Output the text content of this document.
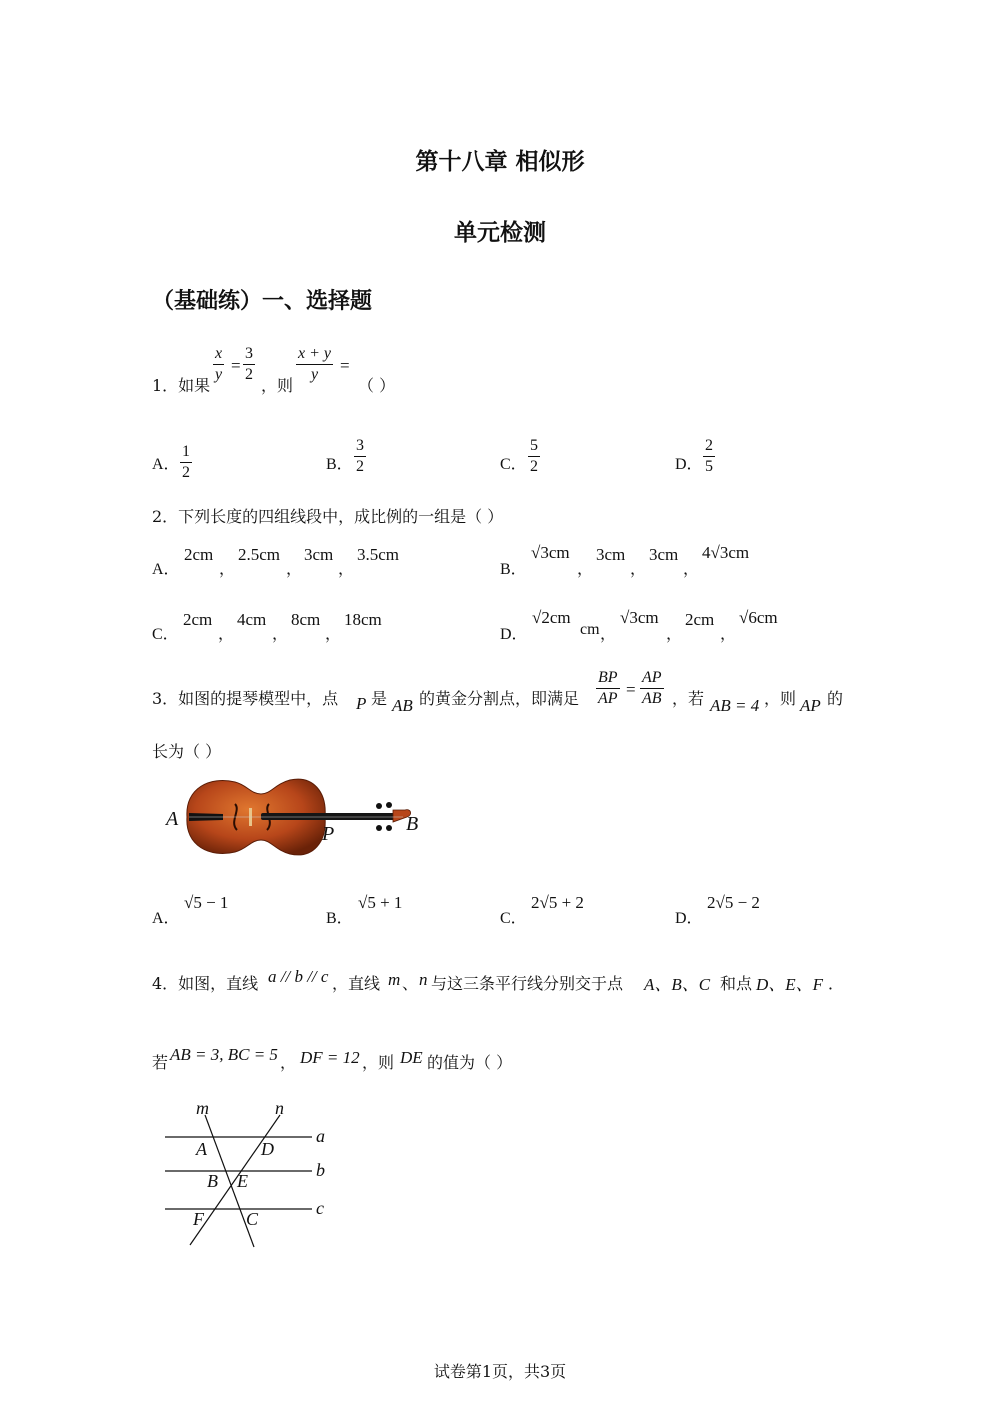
第十八章 相似形
单元检测
（基础练）一、选择题
1．如果
$\frac{x}{y} = \frac{3}{2}$
，则
$\frac{x + y}{y}$ =
（ ）
A． $\frac{1}{2}$	B． $\frac{3}{2}$	C． $\frac{5}{2}$	D． $\frac{2}{5}$
2．下列长度的四组线段中，成比例的一组是（ ）
A．
2cm
，
2.5cm
，
3cm
，
3.5cm
B．
√3cm
，
3cm
，
3cm
，
4√3cm
C．
2cm
，
4cm
，
8cm
，
18cm
D．
√2cm
cm ，
√3cm
，
2cm
，
√6cm
3．如图的提琴模型中，点 P 是 AB 的黄金分割点，即满足 $\frac{BP}{AP} = \frac{AP}{AB}$ ，若 AB = 4 ，则 AP 的
长为（ ）
A
P	B
A．
√5 − 1
B．
√5 + 1
C．
2√5 + 2
D．
2√5 − 2
4．如图，直线 a // b // c ，直线 m 、 n 与这三条平行线分别交于点 A、B、C 和点 D、E、F ．
若 AB = 3, BC = 5 ， DF = 12 ，则 DE 的值为（ ）
m	n
a
b
c
A	D
B E
F C
试卷第1页，共3页
